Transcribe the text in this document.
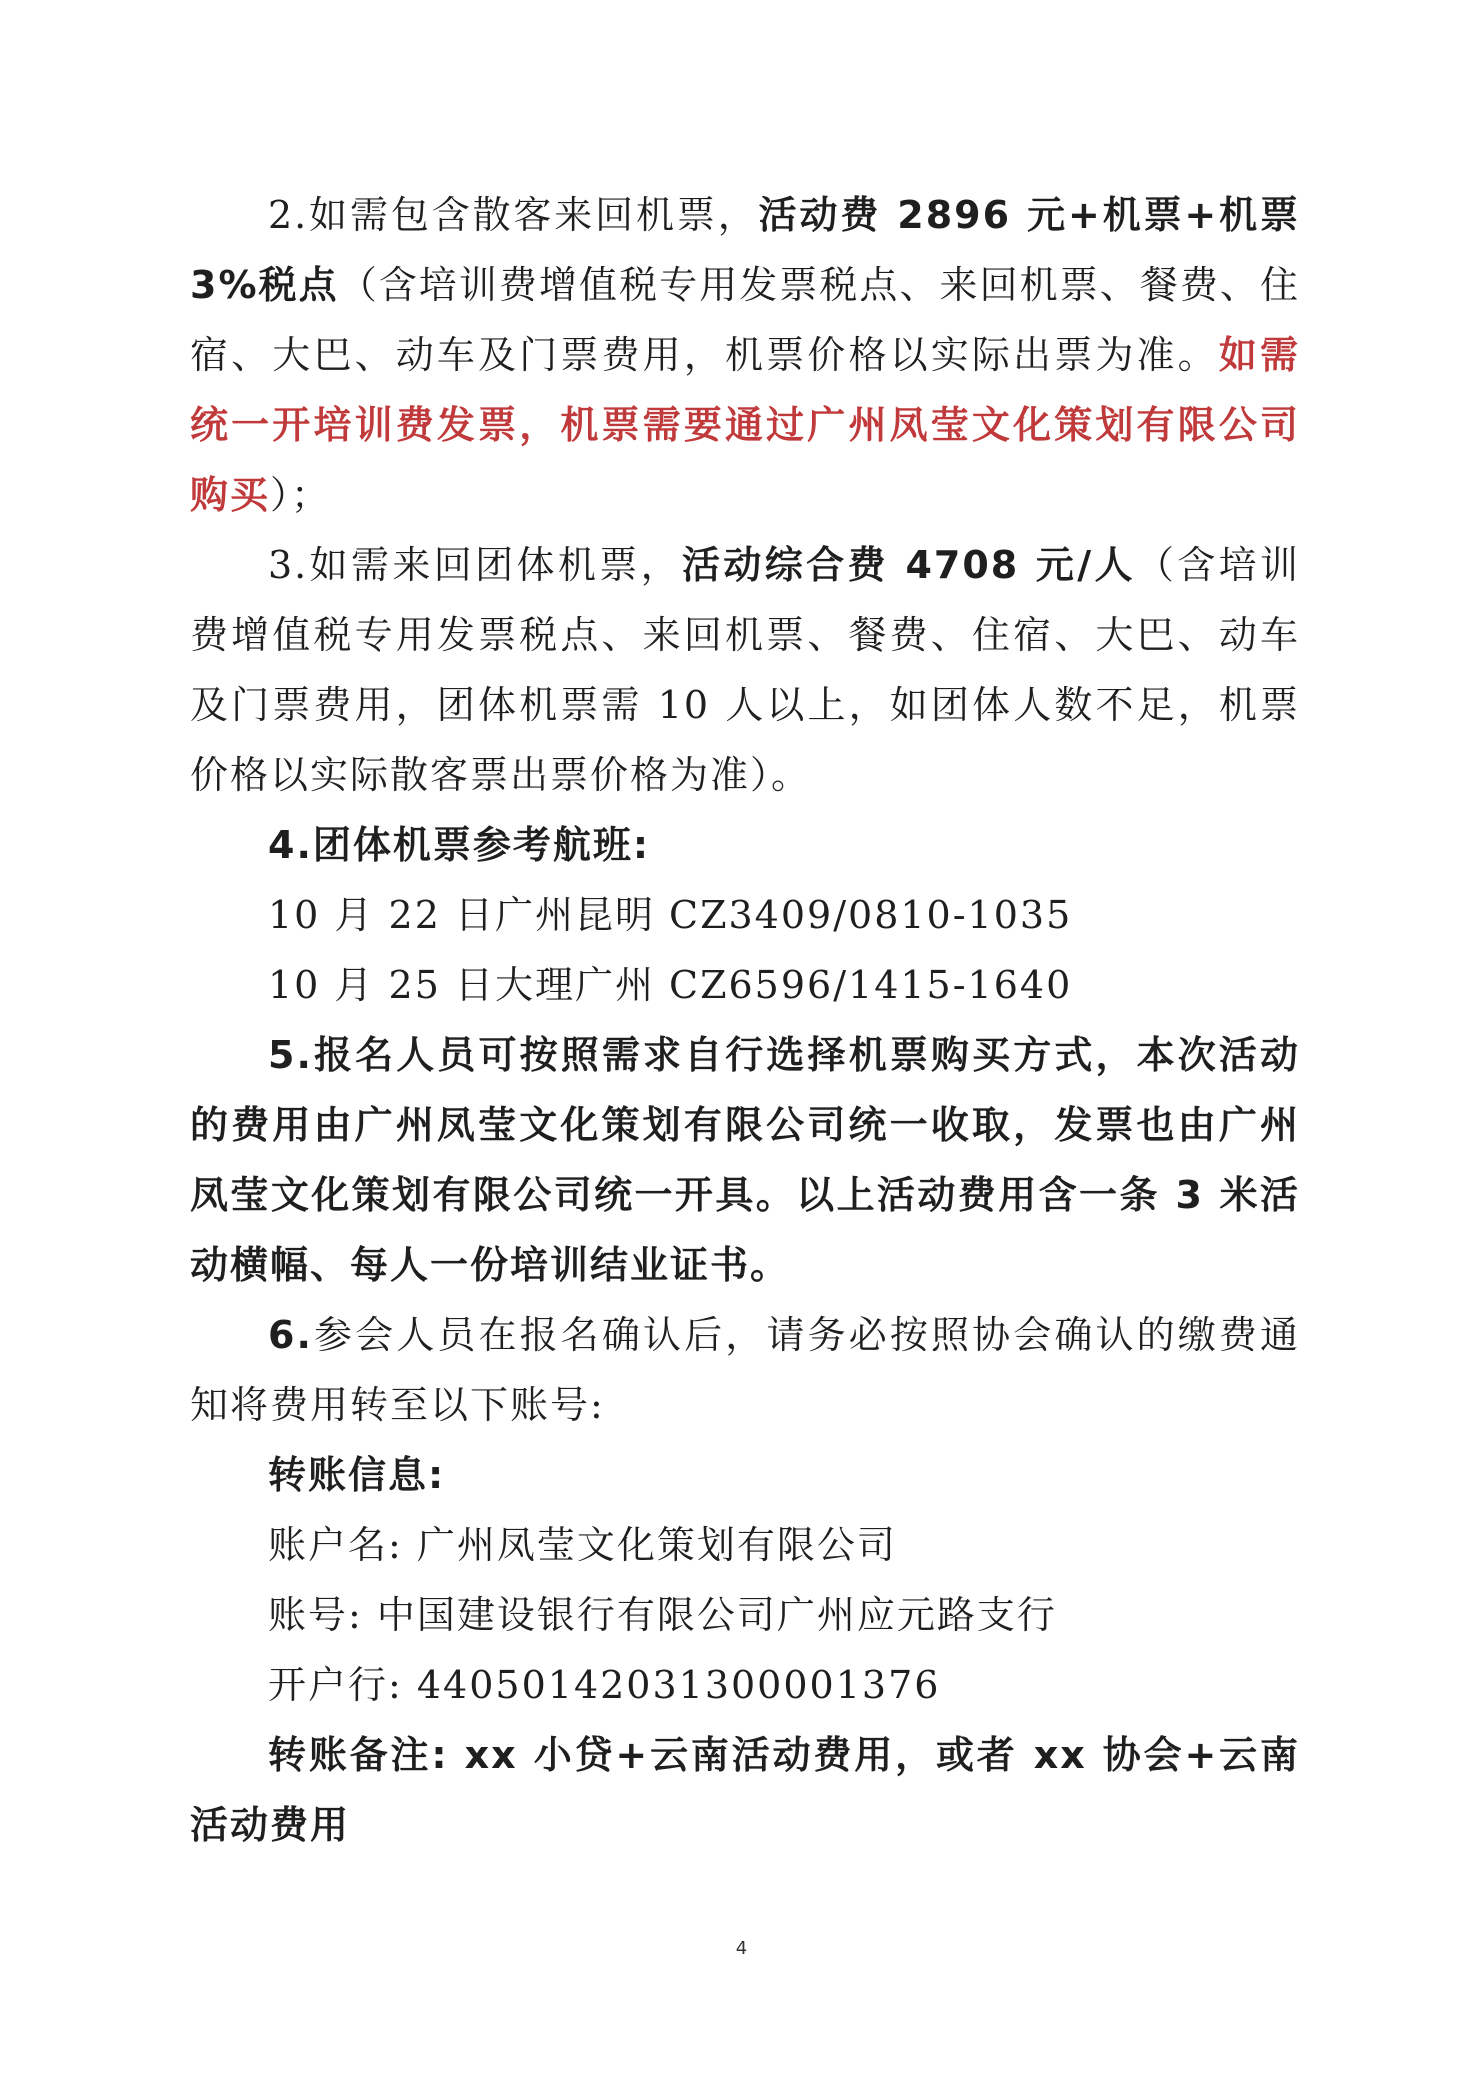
2.如需包含散客来回机票，活动费 2896 元+机票+机票 3%税点（含培训费增值税专用发票税点、来回机票、餐费、住宿、大巴、动车及门票费用，机票价格以实际出票为准。如需统一开培训费发票，机票需要通过广州凤莹文化策划有限公司购买）；

3.如需来回团体机票，活动综合费 4708 元/人（含培训费增值税专用发票税点、来回机票、餐费、住宿、大巴、动车及门票费用，团体机票需 10 人以上，如团体人数不足，机票价格以实际散客票出票价格为准）。

4.团体机票参考航班:

10 月 22 日广州昆明 CZ3409/0810-1035

10 月 25 日大理广州 CZ6596/1415-1640

5.报名人员可按照需求自行选择机票购买方式，本次活动的费用由广州凤莹文化策划有限公司统一收取，发票也由广州凤莹文化策划有限公司统一开具。以上活动费用含一条 3 米活动横幅、每人一份培训结业证书。

6.参会人员在报名确认后，请务必按照协会确认的缴费通知将费用转至以下账号:

转账信息:

账户名: 广州凤莹文化策划有限公司

账号: 中国建设银行有限公司广州应元路支行

开户行: 44050142031300001376

转账备注: xx 小贷+云南活动费用，或者 xx 协会+云南活动费用

4
